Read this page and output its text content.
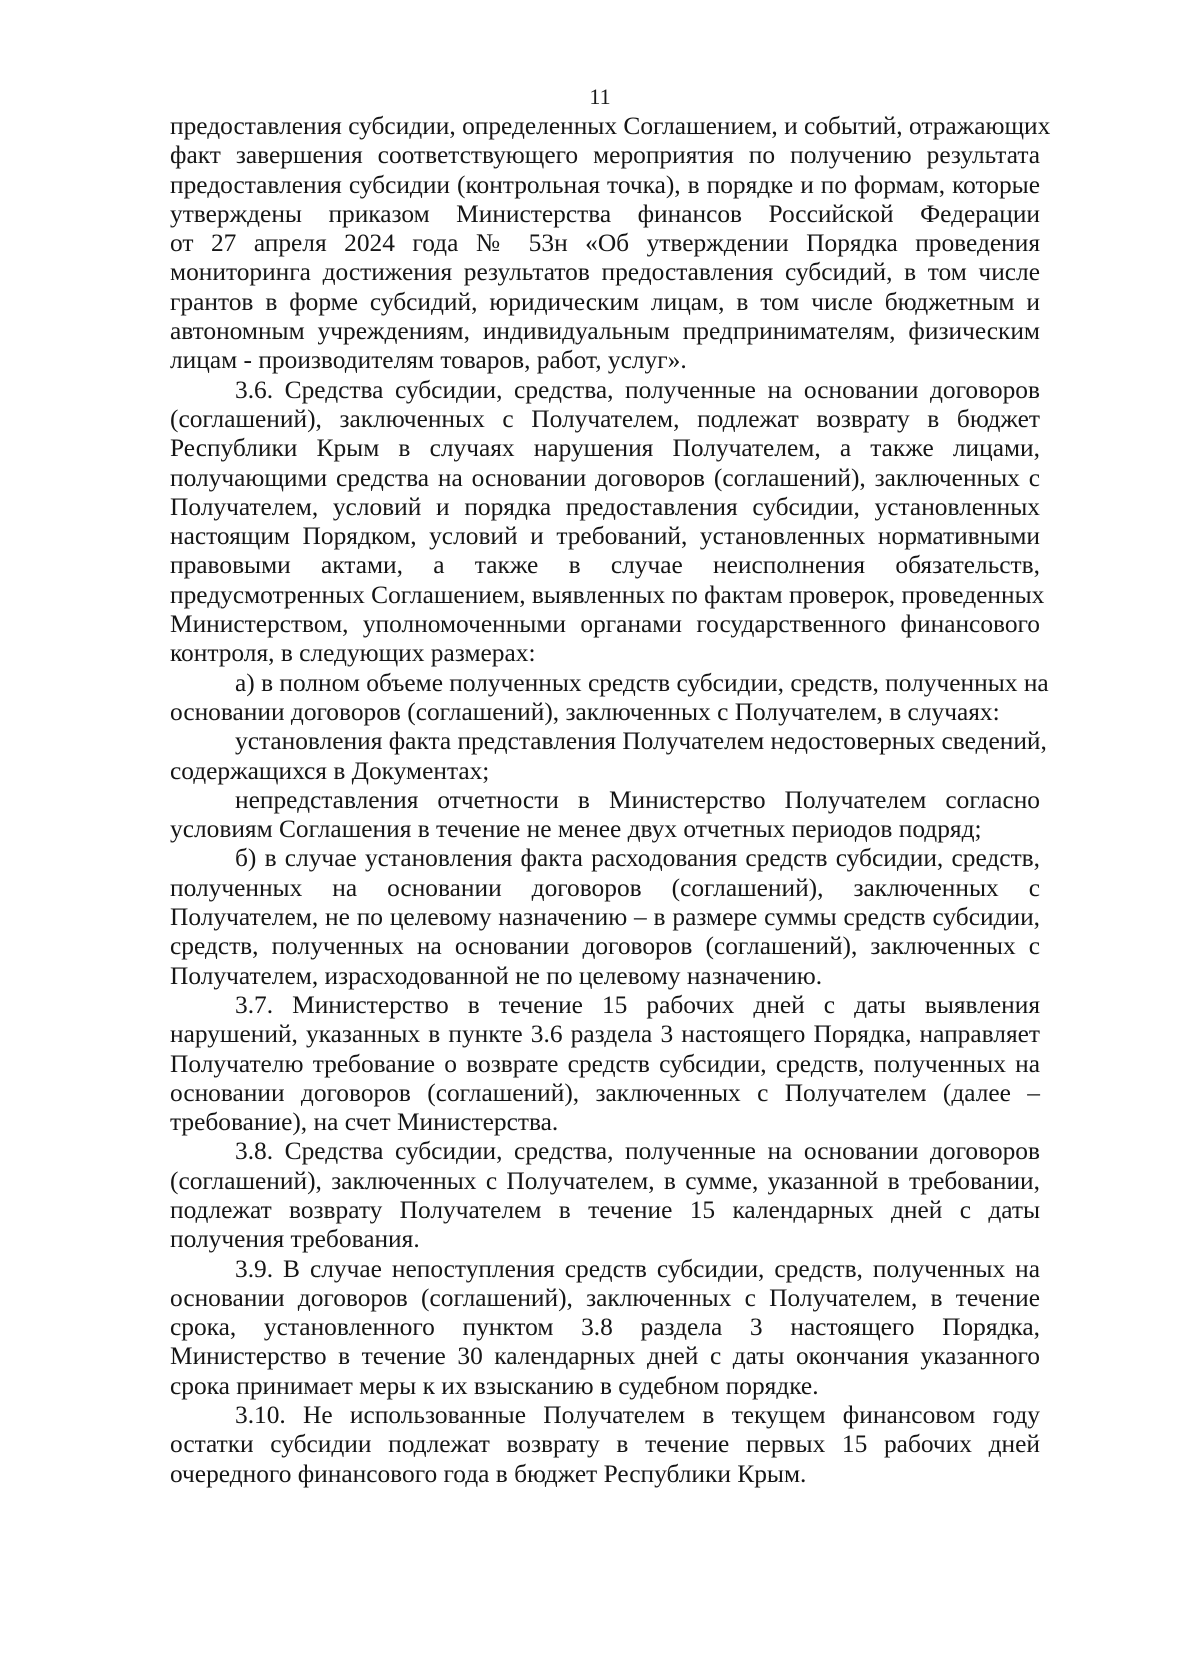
11
предоставления субсидии, определенных Соглашением, и событий, отражающих
факт завершения соответствующего мероприятия по получению результата
предоставления субсидии (контрольная точка), в порядке и по формам, которые
утверждены приказом Министерства финансов Российской Федерации
от 27 апреля 2024 года № 53н «Об утверждении Порядка проведения
мониторинга достижения результатов предоставления субсидий, в том числе
грантов в форме субсидий, юридическим лицам, в том числе бюджетным и
автономным учреждениям, индивидуальным предпринимателям, физическим
лицам - производителям товаров, работ, услуг».
3.6. Средства субсидии, средства, полученные на основании договоров
(соглашений), заключенных с Получателем, подлежат возврату в бюджет
Республики Крым в случаях нарушения Получателем, а также лицами,
получающими средства на основании договоров (соглашений), заключенных с
Получателем, условий и порядка предоставления субсидии, установленных
настоящим Порядком, условий и требований, установленных нормативными
правовыми актами, а также в случае неисполнения обязательств,
предусмотренных Соглашением, выявленных по фактам проверок, проведенных
Министерством, уполномоченными органами государственного финансового
контроля, в следующих размерах:
а) в полном объеме полученных средств субсидии, средств, полученных на
основании договоров (соглашений), заключенных с Получателем, в случаях:
установления факта представления Получателем недостоверных сведений,
содержащихся в Документах;
непредставления отчетности в Министерство Получателем согласно
условиям Соглашения в течение не менее двух отчетных периодов подряд;
б) в случае установления факта расходования средств субсидии, средств,
полученных на основании договоров (соглашений), заключенных с
Получателем, не по целевому назначению – в размере суммы средств субсидии,
средств, полученных на основании договоров (соглашений), заключенных с
Получателем, израсходованной не по целевому назначению.
3.7. Министерство в течение 15 рабочих дней с даты выявления
нарушений, указанных в пункте 3.6 раздела 3 настоящего Порядка, направляет
Получателю требование о возврате средств субсидии, средств, полученных на
основании договоров (соглашений), заключенных с Получателем (далее –
требование), на счет Министерства.
3.8. Средства субсидии, средства, полученные на основании договоров
(соглашений), заключенных с Получателем, в сумме, указанной в требовании,
подлежат возврату Получателем в течение 15 календарных дней с даты
получения требования.
3.9. В случае непоступления средств субсидии, средств, полученных на
основании договоров (соглашений), заключенных с Получателем, в течение
срока, установленного пунктом 3.8 раздела 3 настоящего Порядка,
Министерство в течение 30 календарных дней с даты окончания указанного
срока принимает меры к их взысканию в судебном порядке.
3.10. Не использованные Получателем в текущем финансовом году
остатки субсидии подлежат возврату в течение первых 15 рабочих дней
очередного финансового года в бюджет Республики Крым.
